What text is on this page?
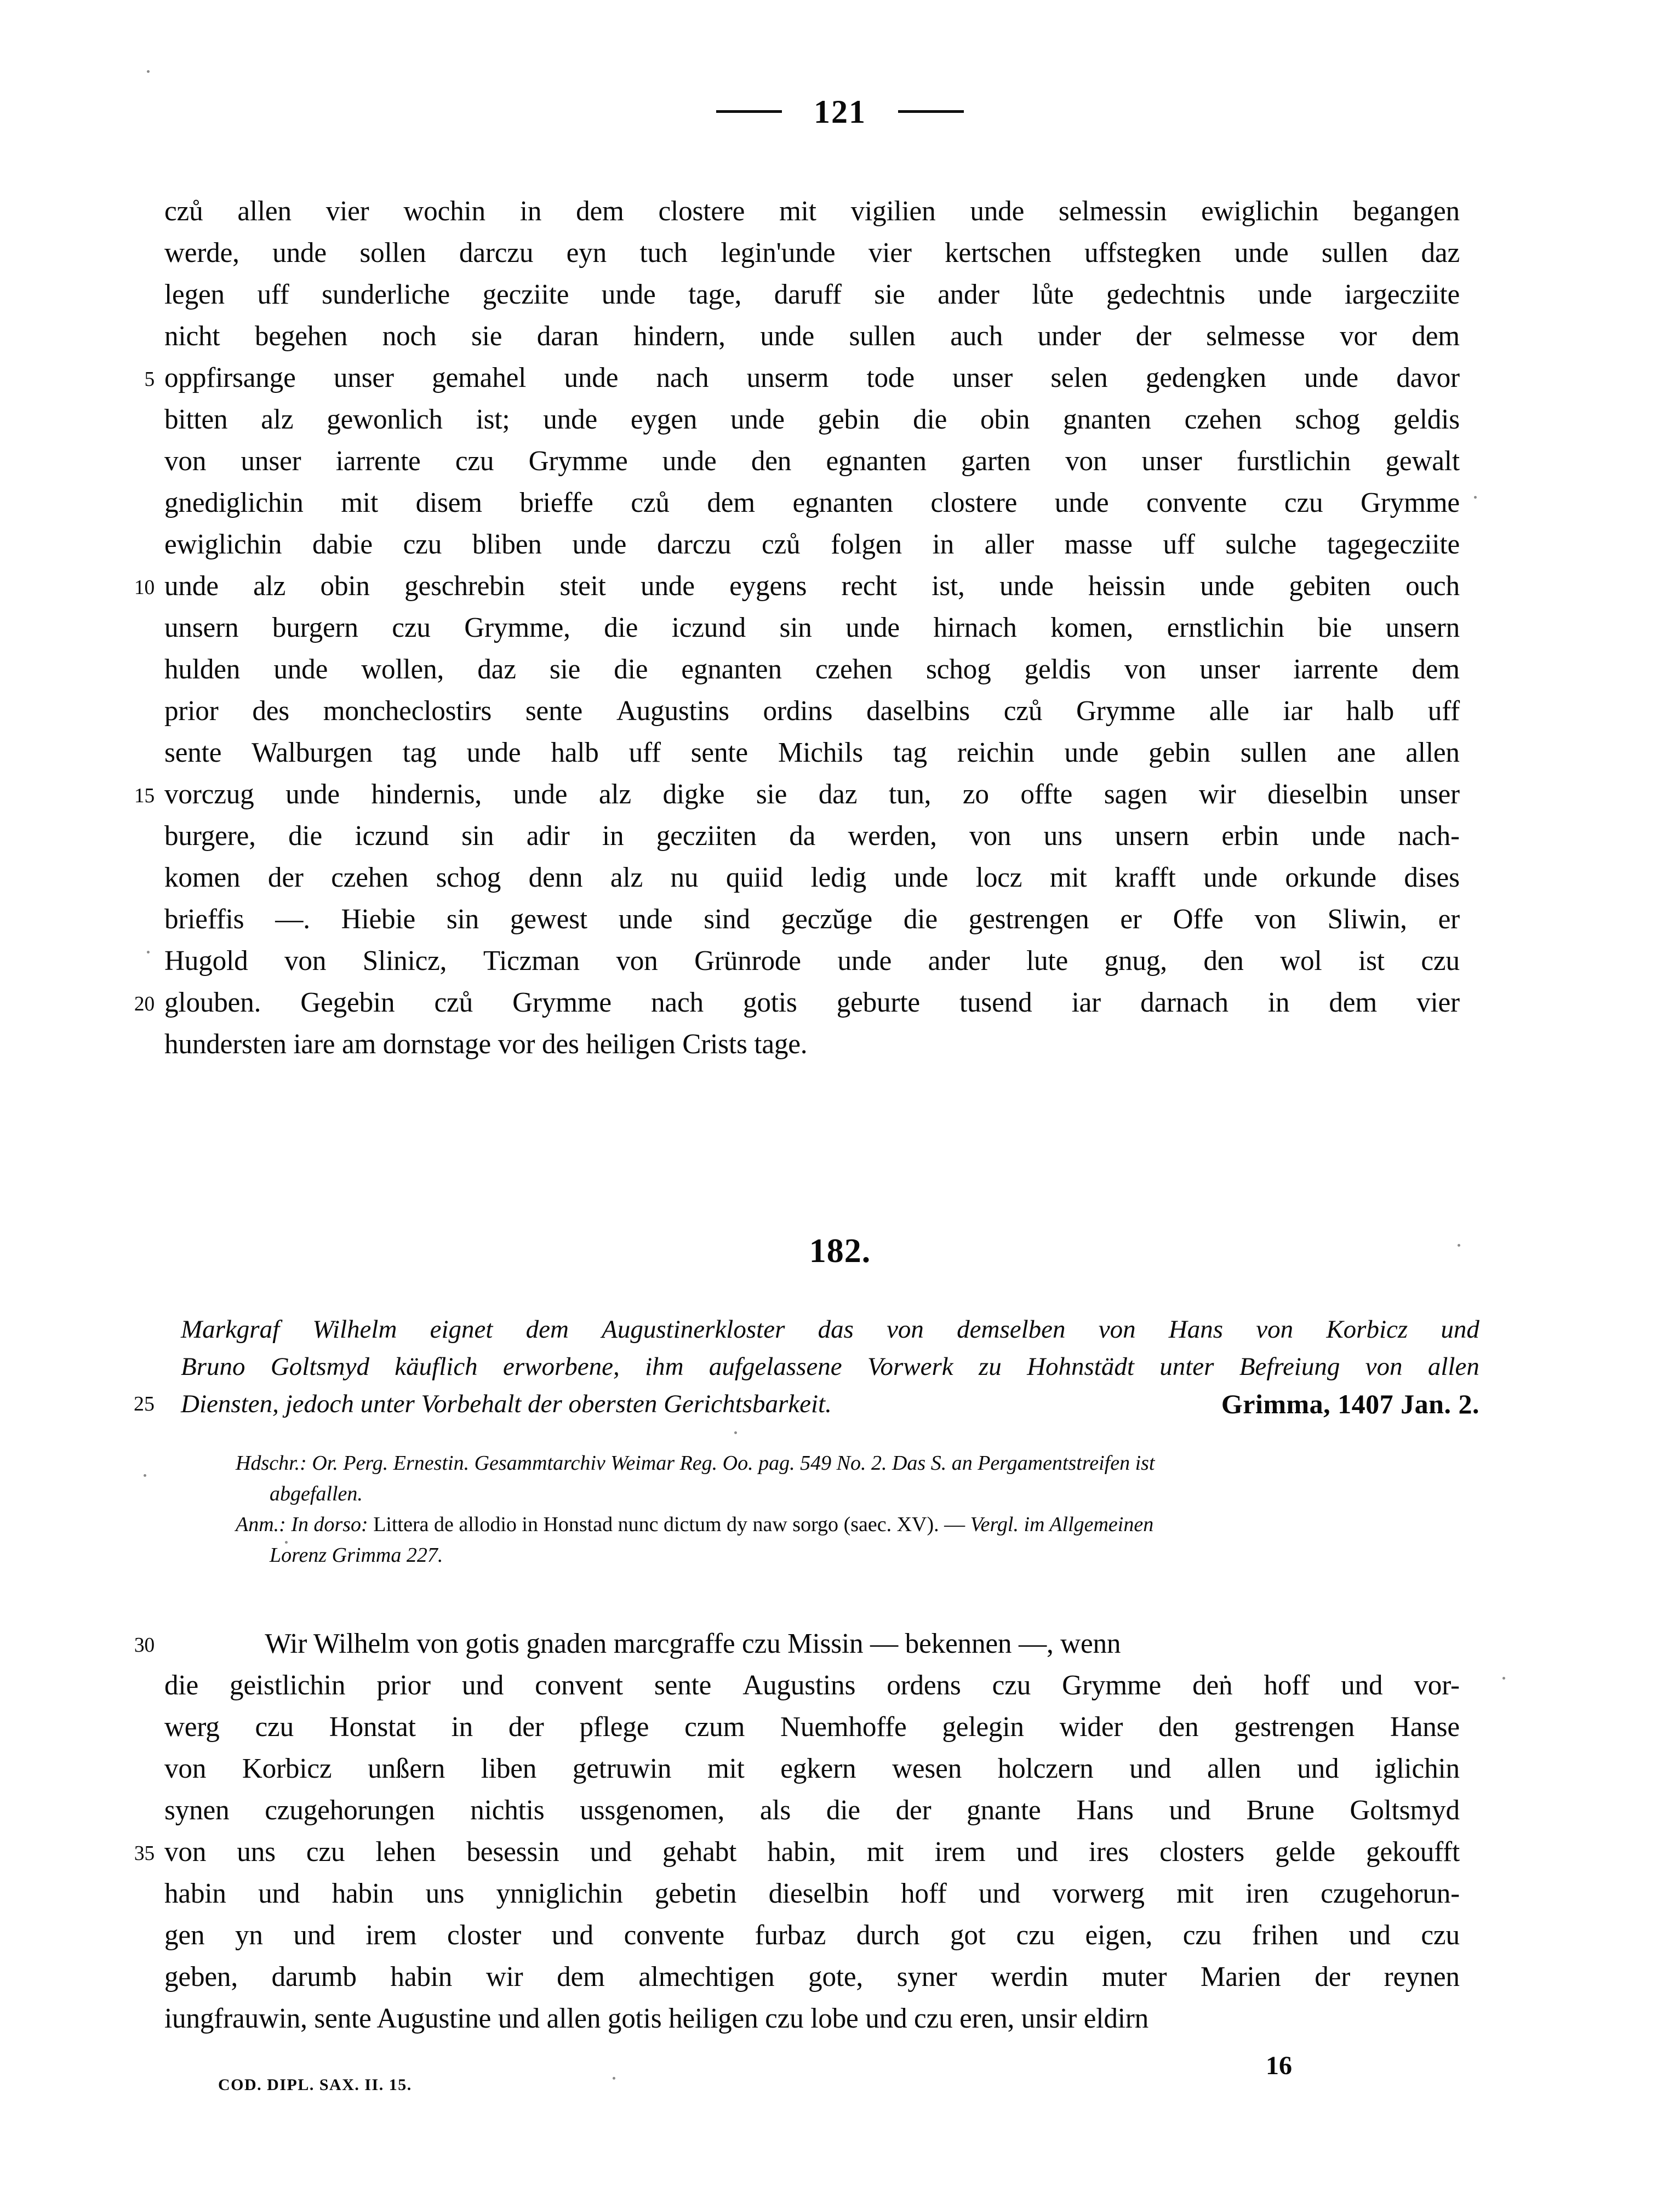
121
czů allen vier wochin in dem clostere mit vigilien unde selmessin ewiglichin begangen
werde, unde sollen darczu eyn tuch legin'unde vier kertschen uffstegken unde sullen daz
legen uff sunderliche gecziite unde tage, daruff sie ander lůte gedechtnis unde iargecziite
nicht begehen noch sie daran hindern, unde sullen auch under der selmesse vor dem
5 oppfirsange unser gemahel unde nach unserm tode unser selen gedengken unde davor
bitten alz gewonlich ist; unde eygen unde gebin die obin gnanten czehen schog geldis
von unser iarrente czu Grymme unde den egnanten garten von unser furstlichin gewalt
gnediglichin mit disem brieffe czů dem egnanten clostere unde convente czu Grymme
ewiglichin dabie czu bliben unde darczu czů folgen in aller masse uff sulche tagegecziite
10 unde alz obin geschrebin steit unde eygens recht ist, unde heissin unde gebiten ouch
unsern burgern czu Grymme, die iczund sin unde hirnach komen, ernstlichin bie unsern
hulden unde wollen, daz sie die egnanten czehen schog geldis von unser iarrente dem
prior des moncheclostirs sente Augustins ordins daselbins czů Grymme alle iar halb uff
sente Walburgen tag unde halb uff sente Michils tag reichin unde gebin sullen ane allen
15 vorczug unde hindernis, unde alz digke sie daz tun, zo offte sagen wir dieselbin unser
burgere, die iczund sin adir in gecziiten da werden, von uns unsern erbin unde nach-
komen der czehen schog denn alz nu quiid ledig unde locz mit krafft unde orkunde dises
brieffis —. Hiebie sin gewest unde sind geczŭge die gestrengen er Offe von Sliwin, er
Hugold von Slinicz, Ticzman von Grünrode unde ander lute gnug, den wol ist czu
20 glouben. Gegebin czů Grymme nach gotis geburte tusend iar darnach in dem vier
hundersten iare am dornstage vor des heiligen Crists tage.
182.
Markgraf Wilhelm eignet dem Augustinerkloster das von demselben von Hans von Korbicz und
Bruno Goltsmyd käuflich erworbene, ihm aufgelassene Vorwerk zu Hohnstädt unter Befreiung von allen
25 Diensten, jedoch unter Vorbehalt der obersten Gerichtsbarkeit.	Grimma, 1407 Jan. 2.
Hdschr.: Or. Perg. Ernestin. Gesammtarchiv Weimar Reg. Oo. pag. 549 No. 2. Das S. an Pergamentstreifen ist
abgefallen.
Anm.: In dorso: Littera de allodio in Honstad nunc dictum dy naw sorgo (saec. XV). — Vergl. im Allgemeinen
Lorenz Grimma 227.
30	Wir Wilhelm von gotis gnaden marcgraffe czu Missin — bekennen —, wenn
die geistlichin prior und convent sente Augustins ordens czu Grymme deṅ hoff und vor-
werg czu Honstat in der pflege czum Nuemhoffe gelegin wider den gestrengen Hanse
von Korbicz unßern liben getruwin mit egkern wesen holczern und allen und iglichin
synen czugehorungen nichtis ussgenomen, als die der gnante Hans und Brune Goltsmyd
35 von uns czu lehen besessin und gehabt habin, mit irem und ires closters gelde gekoufft
habin und habin uns ynniglichin gebetin dieselbin hoff und vorwerg mit iren czugehorun-
gen yn und irem closter und convente furbaz durch got czu eigen, czu frihen und czu
geben, darumb habin wir dem almechtigen gote, syner werdin muter Marien der reynen
iungfrauwin, sente Augustine und allen gotis heiligen czu lobe und czu eren, unsir eldirn
COD. DIPL. SAX. II. 15.
16
